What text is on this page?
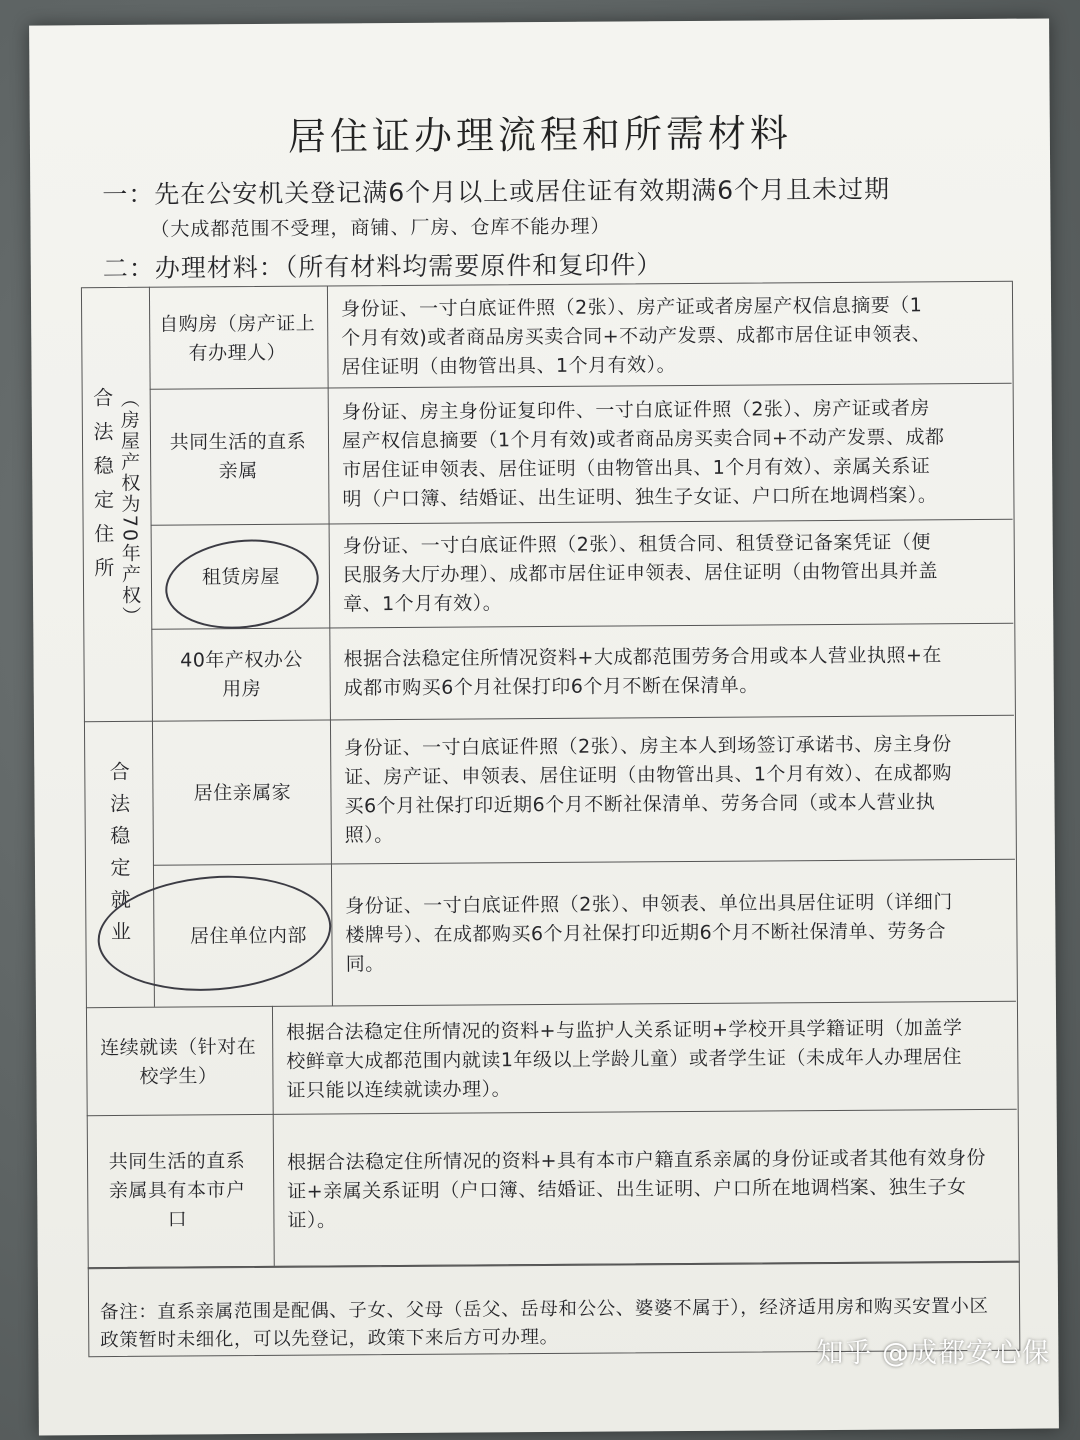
居住证办理流程和所需材料
一：先在公安机关登记满6个月以上或居住证有效期满6个月且未过期
（大成都范围不受理，商铺、厂房、仓库不能办理）
二：办理材料：（所有材料均需要原件和复印件）
合法稳定住所 （房屋产权为70年产权）
合法稳定就业
自购房（房产证上有办理人）
共同生活的直系亲属
租赁房屋
40年产权办公用房
居住亲属家
居住单位内部
身份证、一寸白底证件照（2张）、房产证或者房屋产权信息摘要（1个月有效)或者商品房买卖合同+不动产发票、成都市居住证申领表、居住证明（由物管出具、1个月有效）。
身份证、房主身份证复印件、一寸白底证件照（2张）、房产证或者房屋产权信息摘要（1个月有效)或者商品房买卖合同+不动产发票、成都市居住证申领表、居住证明（由物管出具、1个月有效）、亲属关系证明（户口簿、结婚证、出生证明、独生子女证、户口所在地调档案）。
身份证、一寸白底证件照（2张）、租赁合同、租赁登记备案凭证（便民服务大厅办理）、成都市居住证申领表、居住证明（由物管出具并盖章、1个月有效）。
根据合法稳定住所情况资料+大成都范围劳务合用或本人营业执照+在成都市购买6个月社保打印6个月不断在保清单。
身份证、一寸白底证件照（2张）、房主本人到场签订承诺书、房主身份证、房产证、申领表、居住证明（由物管出具、1个月有效）、在成都购买6个月社保打印近期6个月不断社保清单、劳务合同（或本人营业执照）。
身份证、一寸白底证件照（2张）、申领表、单位出具居住证明（详细门楼牌号）、在成都购买6个月社保打印近期6个月不断社保清单、劳务合同。
连续就读（针对在校学生）
根据合法稳定住所情况的资料+与监护人关系证明+学校开具学籍证明（加盖学校鲜章大成都范围内就读1年级以上学龄儿童）或者学生证（未成年人办理居住证只能以连续就读办理）。
共同生活的直系亲属具有本市户口
根据合法稳定住所情况的资料+具有本市户籍直系亲属的身份证或者其他有效身份证+亲属关系证明（户口簿、结婚证、出生证明、户口所在地调档案、独生子女证）。
备注：直系亲属范围是配偶、子女、父母（岳父、岳母和公公、婆婆不属于），经济适用房和购买安置小区政策暂时未细化，可以先登记，政策下来后方可办理。	知乎 @成都安心保
